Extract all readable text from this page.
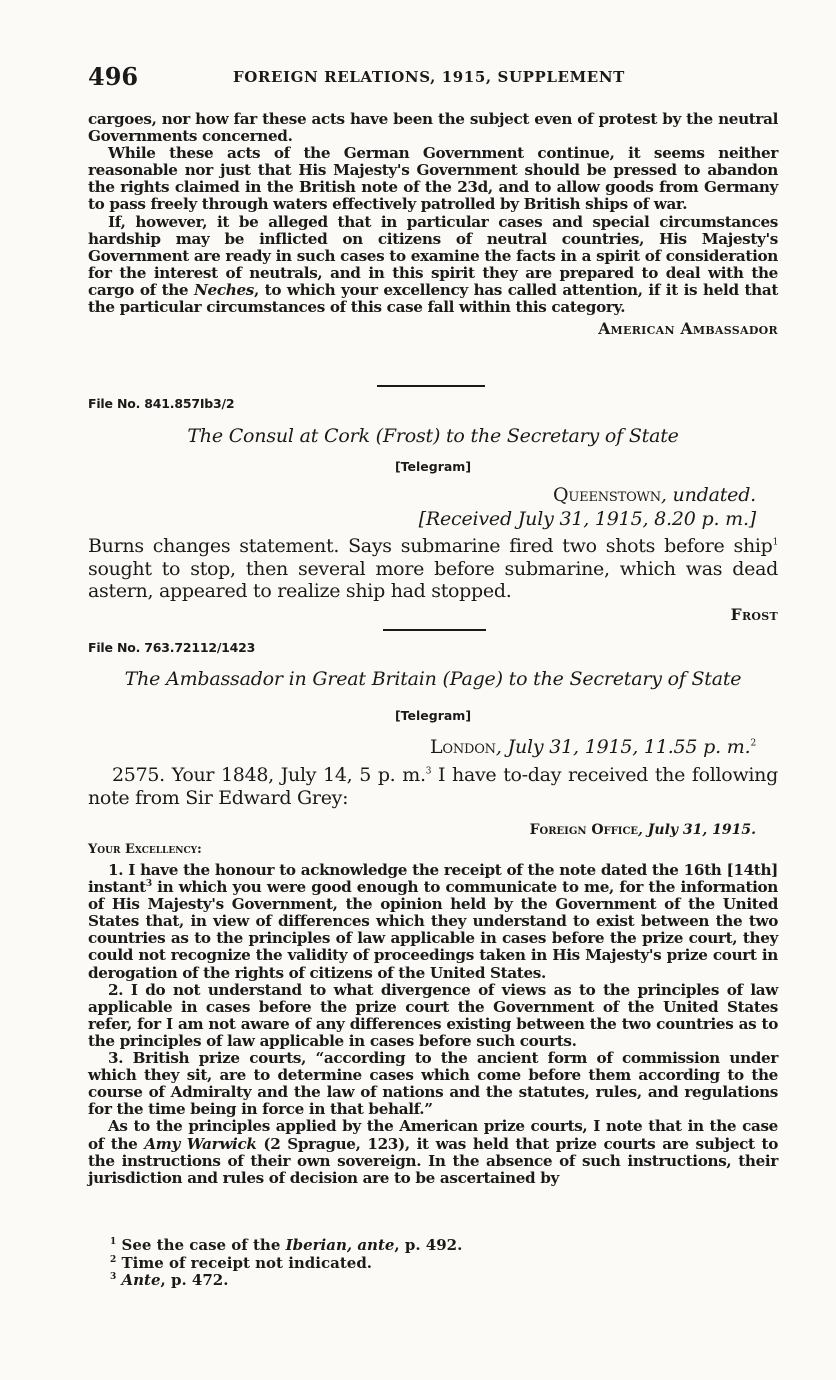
496	FOREIGN RELATIONS, 1915, SUPPLEMENT

cargoes, nor how far these acts have been the subject even of protest by the neutral Governments concerned.

While these acts of the German Government continue, it seems neither reasonable nor just that His Majesty's Government should be pressed to abandon the rights claimed in the British note of the 23d, and to allow goods from Germany to pass freely through waters effectively patrolled by British ships of war.

If, however, it be alleged that in particular cases and special circumstances hardship may be inflicted on citizens of neutral countries, His Majesty's Government are ready in such cases to examine the facts in a spirit of consideration for the interest of neutrals, and in this spirit they are prepared to deal with the cargo of the Neches, to which your excellency has called attention, if it is held that the particular circumstances of this case fall within this category.

American Ambassador

File No. 841.857Ib3/2
The Consul at Cork (Frost) to the Secretary of State
[Telegram]
Queenstown, undated.
[Received July 31, 1915, 8.20 p. m.]

Burns changes statement. Says submarine fired two shots before ship$^1$ sought to stop, then several more before submarine, which was dead astern, appeared to realize ship had stopped.

Frost

File No. 763.72112/1423
The Ambassador in Great Britain (Page) to the Secretary of State
[Telegram]
London, July 31, 1915, 11.55 p. m.$^2$

2575. Your 1848, July 14, 5 p. m.$^3$ I have to-day received the following note from Sir Edward Grey:

Foreign Office, July 31, 1915.
Your Excellency:

1. I have the honour to acknowledge the receipt of the note dated the 16th [14th] instant$^3$ in which you were good enough to communicate to me, for the information of His Majesty's Government, the opinion held by the Government of the United States that, in view of differences which they understand to exist between the two countries as to the principles of law applicable in cases before the prize court, they could not recognize the validity of proceedings taken in His Majesty's prize court in derogation of the rights of citizens of the United States.

2. I do not understand to what divergence of views as to the principles of law applicable in cases before the prize court the Government of the United States refer, for I am not aware of any differences existing between the two countries as to the principles of law applicable in cases before such courts.

3. British prize courts, “according to the ancient form of commission under which they sit, are to determine cases which come before them according to the course of Admiralty and the law of nations and the statutes, rules, and regulations for the time being in force in that behalf.”

As to the principles applied by the American prize courts, I note that in the case of the Amy Warwick (2 Sprague, 123), it was held that prize courts are subject to the instructions of their own sovereign. In the absence of such instructions, their jurisdiction and rules of decision are to be ascertained by

$^1$ See the case of the Iberian, ante, p. 492.
$^2$ Time of receipt not indicated.
$^3$ Ante, p. 472.
